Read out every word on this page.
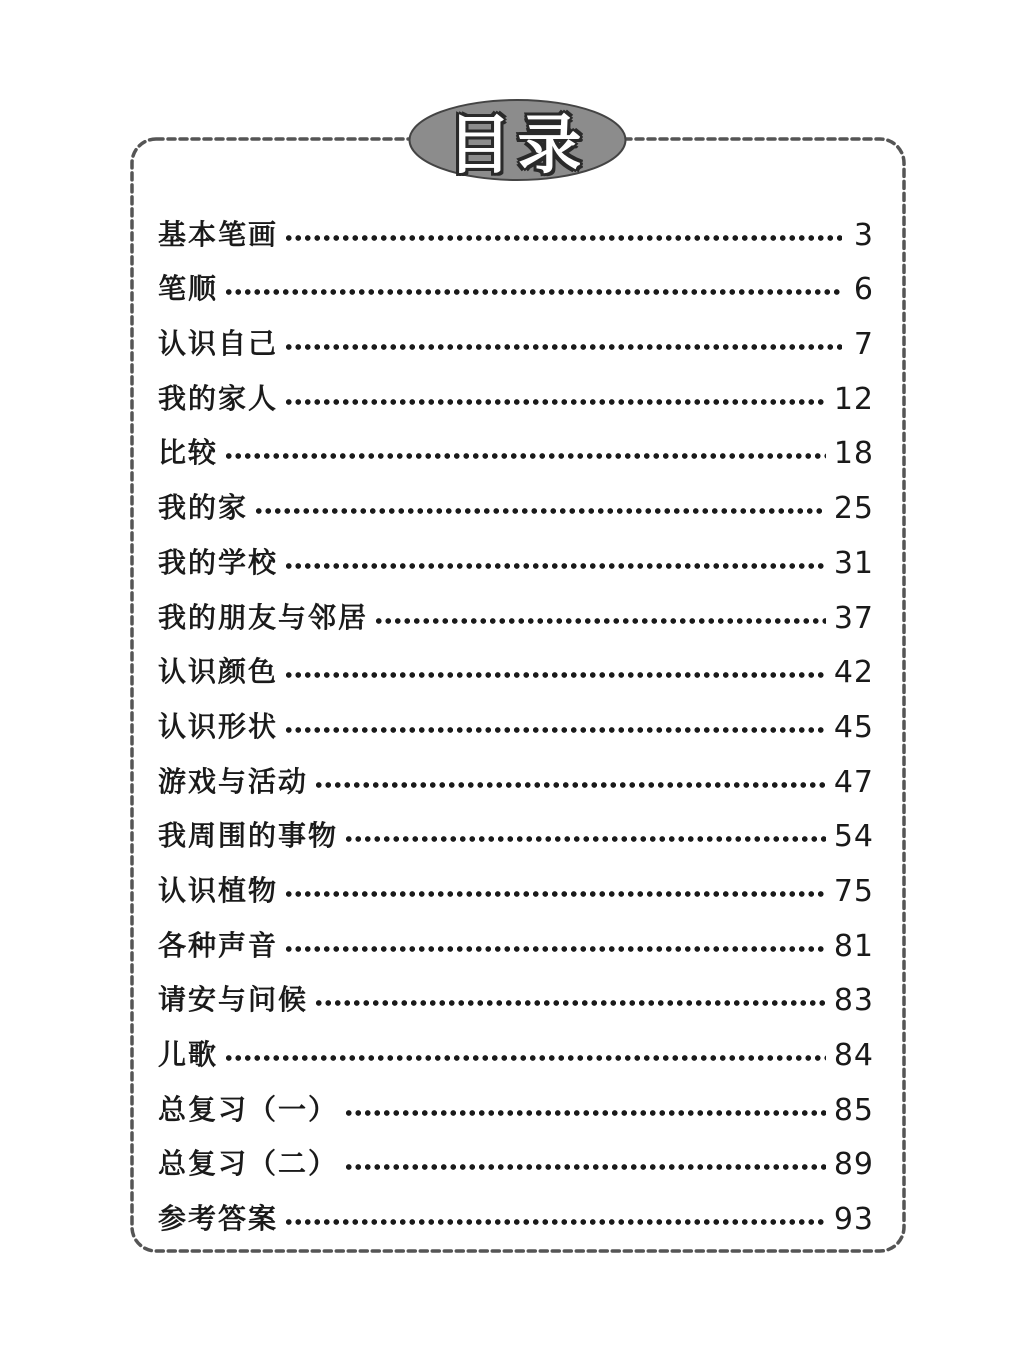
目录
基本笔画	3
笔顺	6
认识自己	7
我的家人	12
比较	18
我的家	25
我的学校	31
我的朋友与邻居	37
认识颜色	42
认识形状	45
游戏与活动	47
我周围的事物	54
认识植物	75
各种声音	81
请安与问候	83
儿歌	84
总复习（一）	85
总复习（二）	89
参考答案	93
